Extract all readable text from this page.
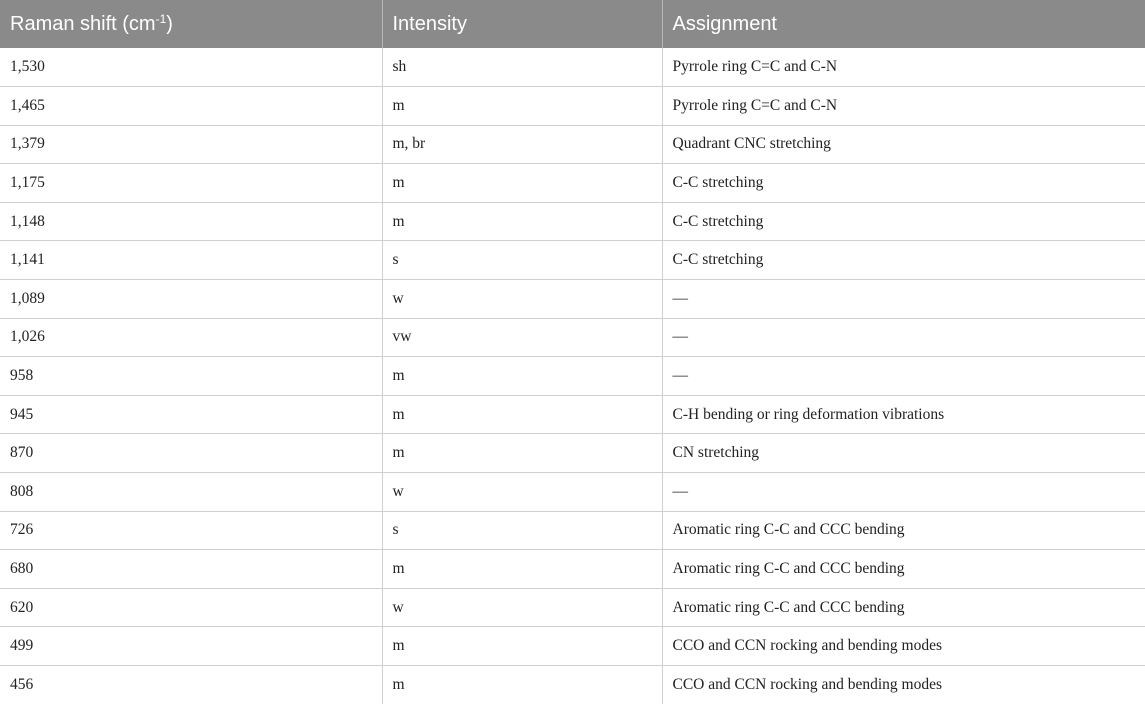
Raman shift $(cm^{-1})$	Intensity	Assignment
1,530	sh	Pyrrole ring C=C and C-N
1,465	m	Pyrrole ring C=C and C-N
1,379	m, br	Quadrant CNC stretching
1,175	m	C-C stretching
1,148	m	C-C stretching
1,141	s	C-C stretching
1,089	w	—
1,026	vw	—
958	m	—
945	m	C-H bending or ring deformation vibrations
870	m	CN stretching
808	w	—
726	s	Aromatic ring C-C and CCC bending
680	m	Aromatic ring C-C and CCC bending
620	w	Aromatic ring C-C and CCC bending
499	m	CCO and CCN rocking and bending modes
456	m	CCO and CCN rocking and bending modes
